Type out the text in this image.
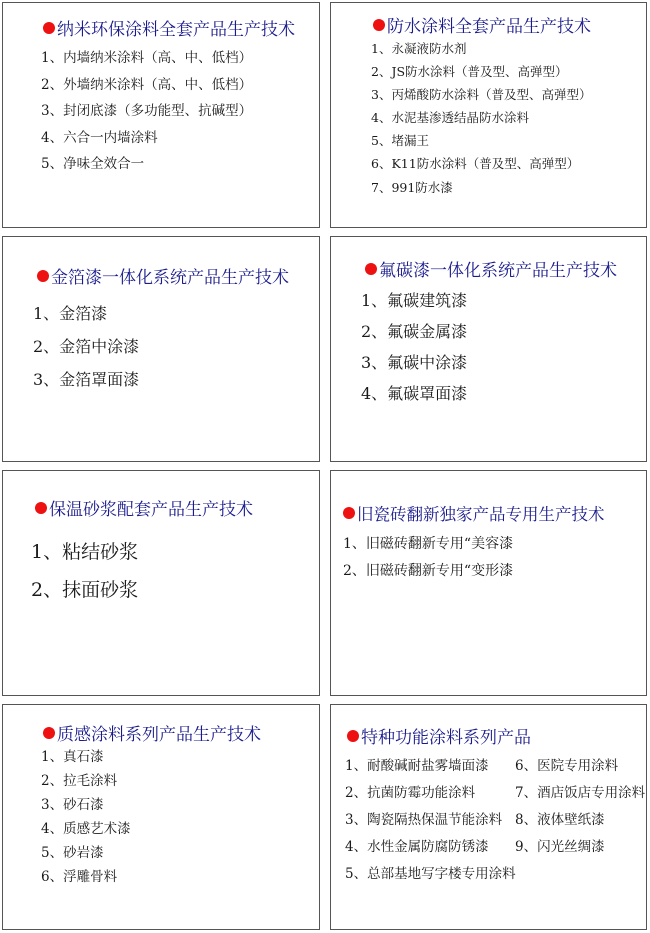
纳米环保涂料全套产品生产技术
1、内墙纳米涂料（高、中、低档）
2、外墙纳米涂料（高、中、低档）
3、封闭底漆（多功能型、抗碱型）
4、六合一内墙涂料
5、净味全效合一
防水涂料全套产品生产技术
1、永凝液防水剂
2、JS防水涂料（普及型、高弹型）
3、丙烯酸防水涂料（普及型、高弹型）
4、水泥基渗透结晶防水涂料
5、堵漏王
6、K11防水涂料（普及型、高弹型）
7、991防水漆
金箔漆一体化系统产品生产技术
1、金箔漆
2、金箔中涂漆
3、金箔罩面漆
氟碳漆一体化系统产品生产技术
1、氟碳建筑漆
2、氟碳金属漆
3、氟碳中涂漆
4、氟碳罩面漆
保温砂浆配套产品生产技术
1、粘结砂浆
2、抹面砂浆
旧瓷砖翻新独家产品专用生产技术
1、旧磁砖翻新专用“美容漆
2、旧磁砖翻新专用“变形漆
质感涂料系列产品生产技术
1、真石漆
2、拉毛涂料
3、砂石漆
4、质感艺术漆
5、砂岩漆
6、浮雕骨料
特种功能涂料系列产品
1、耐酸碱耐盐雾墙面漆
2、抗菌防霉功能涂料
3、陶瓷隔热保温节能涂料
4、水性金属防腐防锈漆
5、总部基地写字楼专用涂料
6、医院专用涂料
7、酒店饭店专用涂料
8、液体壁纸漆
9、闪光丝绸漆
